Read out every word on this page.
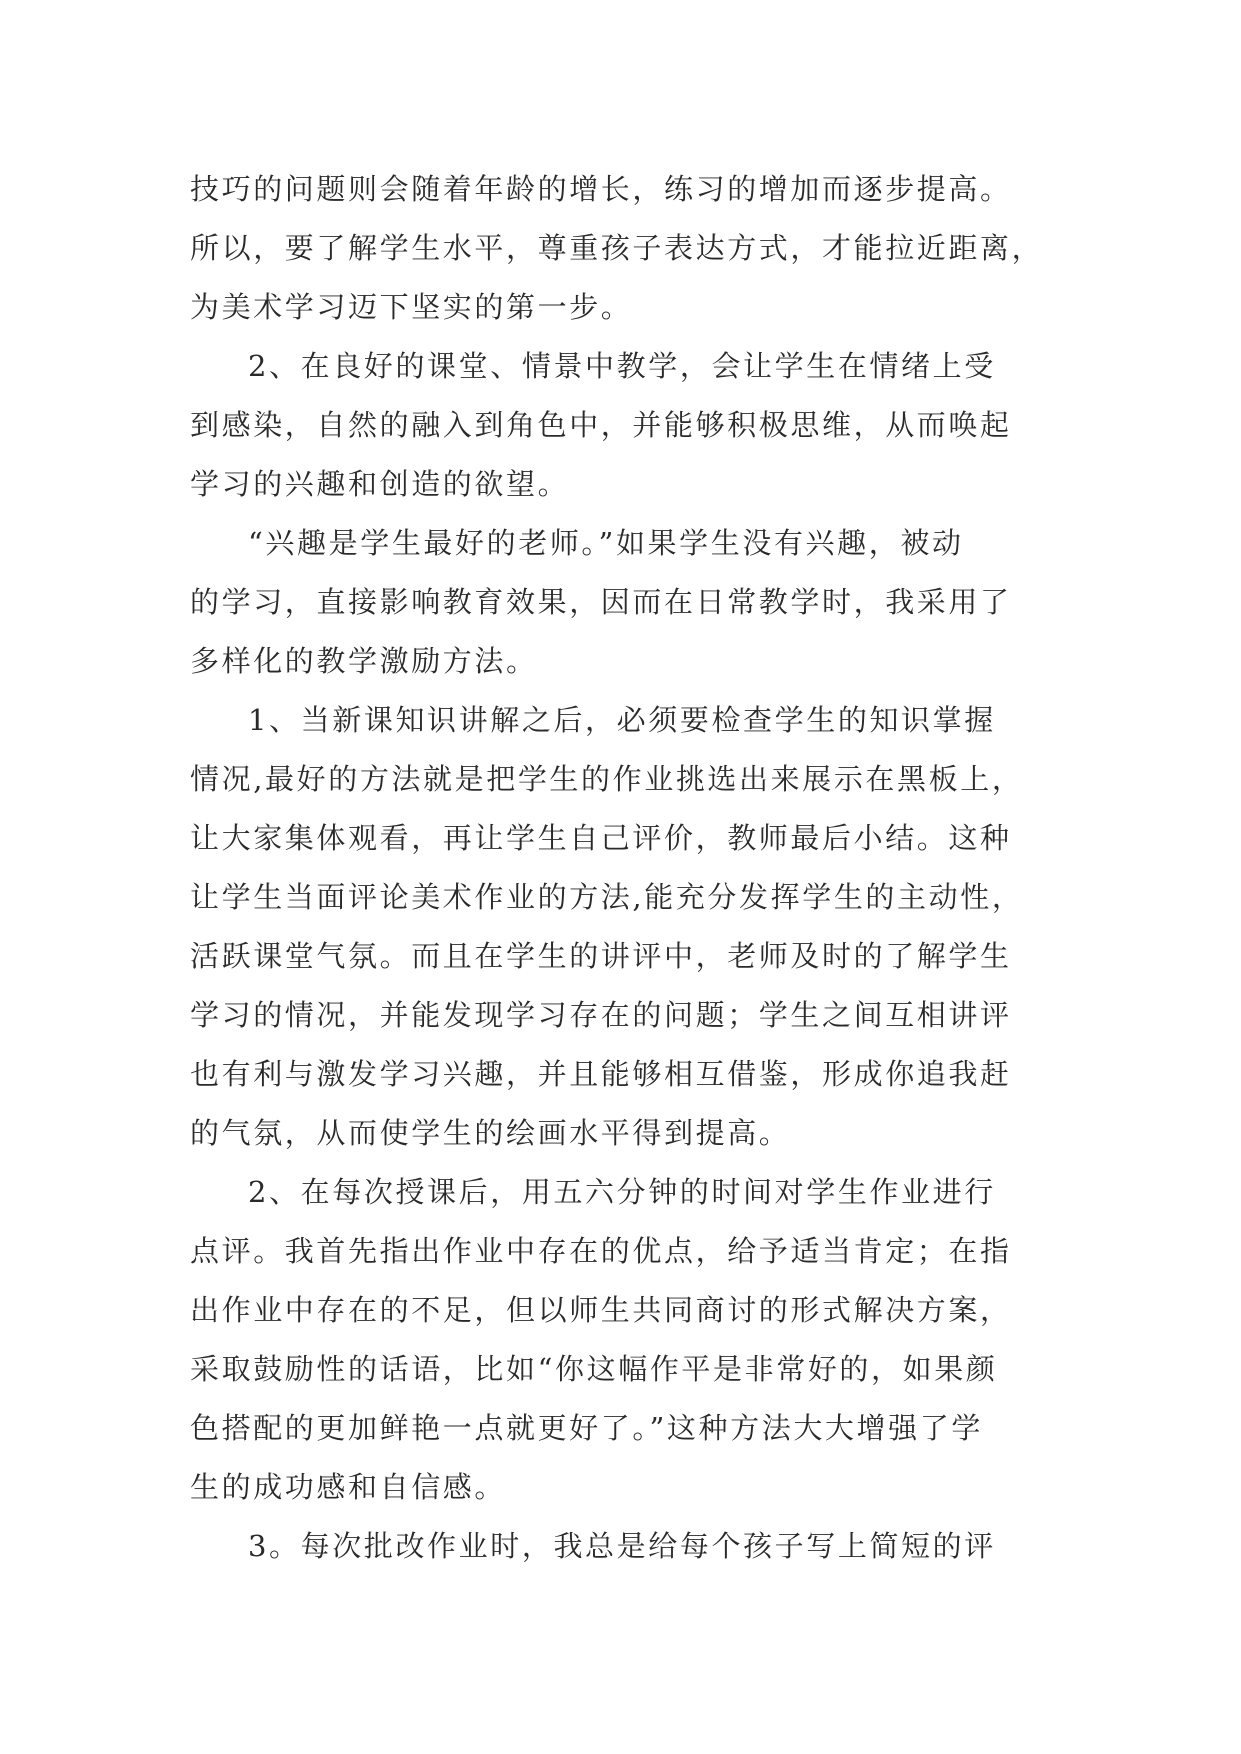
技巧的问题则会随着年龄的增长，练习的增加而逐步提高。
所以，要了解学生水平，尊重孩子表达方式，才能拉近距离，
为美术学习迈下坚实的第一步。
2、在良好的课堂、情景中教学，会让学生在情绪上受
到感染，自然的融入到角色中，并能够积极思维，从而唤起
学习的兴趣和创造的欲望。
“兴趣是学生最好的老师。”如果学生没有兴趣，被动
的学习，直接影响教育效果，因而在日常教学时，我采用了
多样化的教学激励方法。
1、当新课知识讲解之后，必须要检查学生的知识掌握
情况,最好的方法就是把学生的作业挑选出来展示在黑板上，
让大家集体观看，再让学生自己评价，教师最后小结。这种
让学生当面评论美术作业的方法,能充分发挥学生的主动性，
活跃课堂气氛。而且在学生的讲评中，老师及时的了解学生
学习的情况，并能发现学习存在的问题；学生之间互相讲评
也有利与激发学习兴趣，并且能够相互借鉴，形成你追我赶
的气氛，从而使学生的绘画水平得到提高。
2、在每次授课后，用五六分钟的时间对学生作业进行
点评。我首先指出作业中存在的优点，给予适当肯定；在指
出作业中存在的不足，但以师生共同商讨的形式解决方案，
采取鼓励性的话语，比如“你这幅作平是非常好的，如果颜
色搭配的更加鲜艳一点就更好了。”这种方法大大增强了学
生的成功感和自信感。
3。每次批改作业时，我总是给每个孩子写上简短的评
